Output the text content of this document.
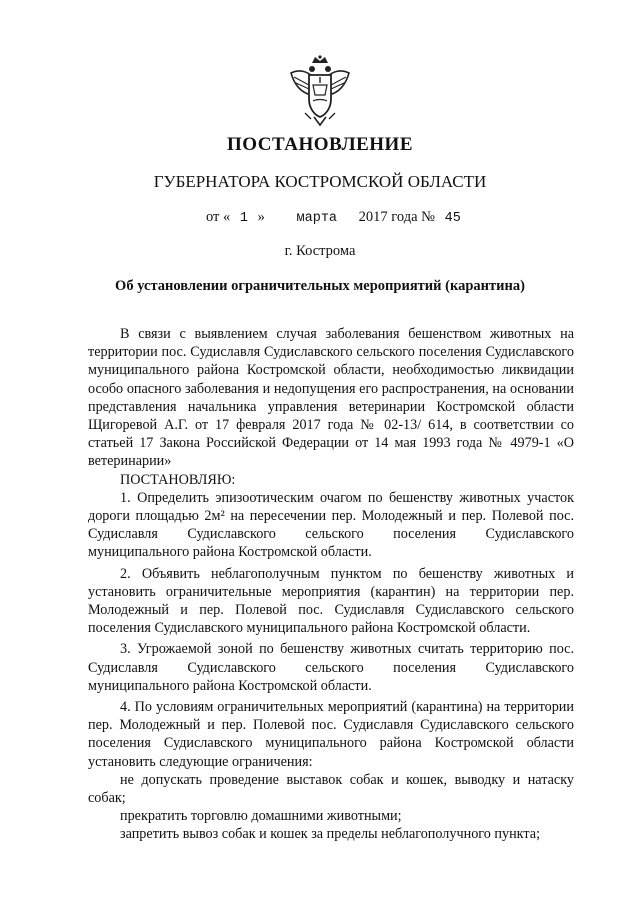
ПОСТАНОВЛЕНИЕ
ГУБЕРНАТОРА КОСТРОМСКОЙ ОБЛАСТИ
от « 1 » марта 2017 года № 45
г. Кострома
Об установлении ограничительных мероприятий (карантина)

В связи с выявлением случая заболевания бешенством животных на территории пос. Судиславля Судиславского сельского поселения Судиславского муниципального района Костромской области, необходимостью ликвидации особо опасного заболевания и недопущения его распространения, на основании представления начальника управления ветеринарии Костромской области Щигоревой А.Г. от 17 февраля 2017 года № 02-13/ 614, в соответствии со статьей 17 Закона Российской Федерации от 14 мая 1993 года № 4979-1 «О ветеринарии»

ПОСТАНОВЛЯЮ:

1. Определить эпизоотическим очагом по бешенству животных участок дороги площадью 2м² на пересечении пер. Молодежный и пер. Полевой пос. Судиславля Судиславского сельского поселения Судиславского муниципального района Костромской области.

2. Объявить неблагополучным пунктом по бешенству животных и установить ограничительные мероприятия (карантин) на территории пер. Молодежный и пер. Полевой пос. Судиславля Судиславского сельского поселения Судиславского муниципального района Костромской области.

3. Угрожаемой зоной по бешенству животных считать территорию пос. Судиславля Судиславского сельского поселения Судиславского муниципального района Костромской области.

4. По условиям ограничительных мероприятий (карантина) на территории пер. Молодежный и пер. Полевой пос. Судиславля Судиславского сельского поселения Судиславского муниципального района Костромской области установить следующие ограничения:

не допускать проведение выставок собак и кошек, выводку и натаску собак;

прекратить торговлю домашними животными;

запретить вывоз собак и кошек за пределы неблагополучного пункта;
